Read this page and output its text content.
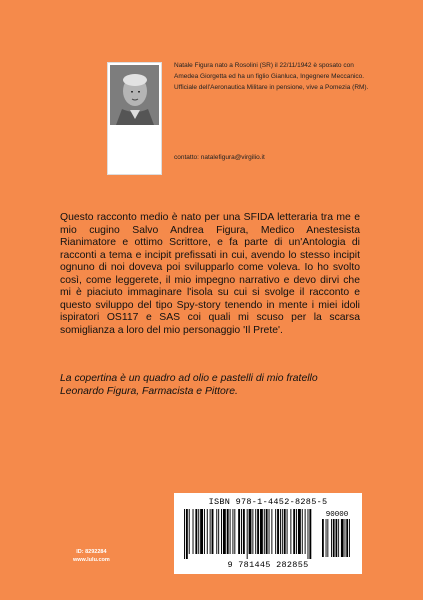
Natale Figura nato a Rosolini (SR) il 22/11/1942 è sposato con Amedea Giorgetta ed ha un figlio Gianluca, Ingegnere Meccanico. Ufficiale dell'Aeronautica Militare in pensione, vive a Pomezia (RM).

contatto: natalefigura@virgilio.it

Questo racconto medio è nato per una SFIDA letteraria tra me e mio cugino Salvo Andrea Figura, Medico Anestesista Rianimatore e ottimo Scrittore, e fa parte di un'Antologia di racconti a tema e incipit prefissati in cui, avendo lo stesso incipit ognuno di noi doveva poi svilupparlo come voleva. Io ho svolto così, come leggerete, il mio impegno narrativo e devo dirvi che mi è piaciuto immaginare l'isola su cui si svolge il racconto e questo sviluppo del tipo Spy-story tenendo in mente i miei idoli ispiratori OS117 e SAS coi quali mi scuso per la scarsa somiglianza a loro del mio personaggio 'Il Prete'.

La copertina è un quadro ad olio e pastelli di mio fratello Leonardo Figura, Farmacista e Pittore.

ID: 8292284
www.lulu.com
ISBN 978-1-4452-8285-5
90000
9 781445 282855
